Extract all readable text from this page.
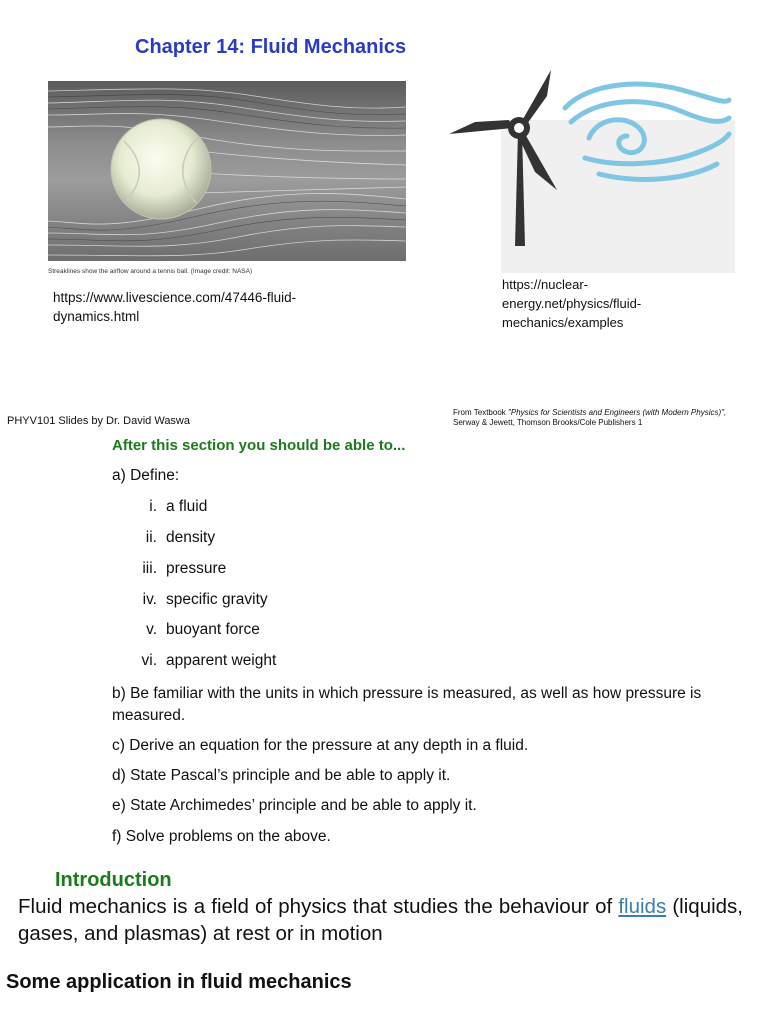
Chapter 14: Fluid Mechanics
Streaklines show the airflow around a tennis ball. (Image credit: NASA)
https://www.livescience.com/47446-fluid-dynamics.html
https://nuclear-energy.net/physics/fluid-mechanics/examples
PHYV101 Slides by Dr. David Waswa
From Textbook "Physics for Scientists and Engineers (with Modern Physics)",
Serway & Jewett, Thomson Brooks/Cole Publishers 1
After this section you should be able to...
a) Define:
i. a fluid
ii. density
iii. pressure
iv. specific gravity
v. buoyant force
vi. apparent weight
b) Be familiar with the units in which pressure is measured, as well as how pressure is measured.
c) Derive an equation for the pressure at any depth in a fluid.
d) State Pascal’s principle and be able to apply it.
e) State Archimedes’ principle and be able to apply it.
f) Solve problems on the above.
Introduction
Fluid mechanics is a field of physics that studies the behaviour of fluids (liquids, gases, and plasmas) at rest or in motion
Some application in fluid mechanics
